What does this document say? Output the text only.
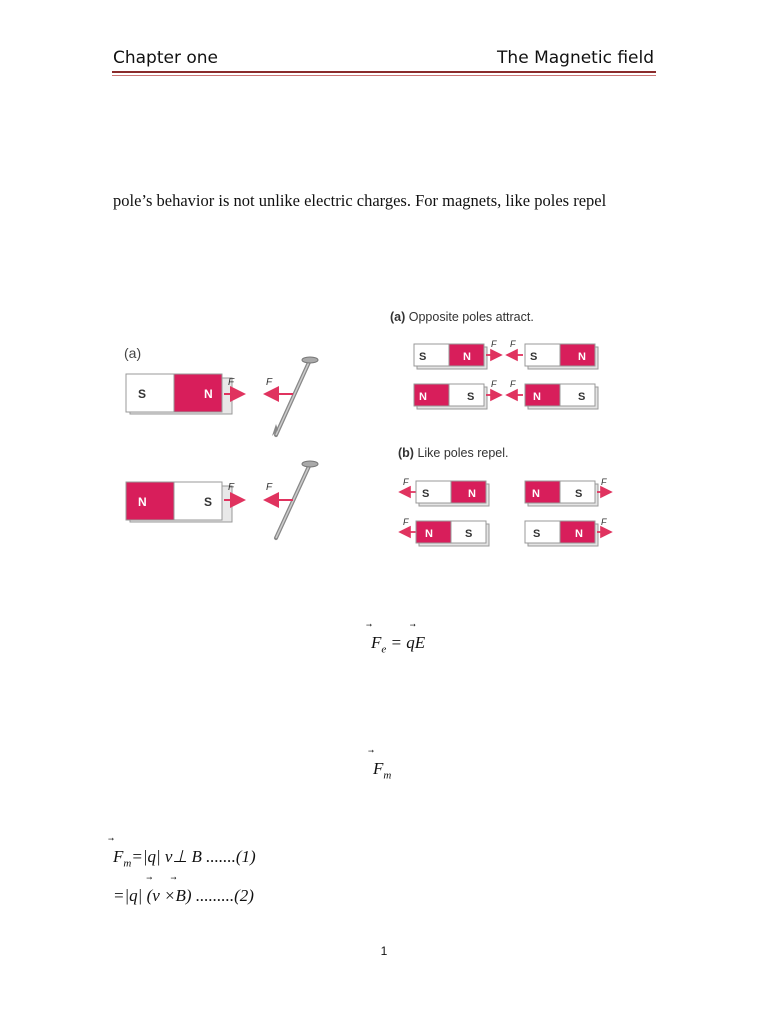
Chapter one	The Magnetic field
pole’s behavior is not unlike electric charges. For magnets, like poles repel
(a)
S	N
F	F
N	S
F	F
(a) Opposite poles attract.
(b) Like poles repel.
S	N
F F
S	N
N	S
F F
N	S
F
S	N	N	S
F
F
N	S	S	N
F
$F_e = q$
E
$F_m$
$F_m=|q|$ v⊥ B .......(1)
=|q| (
v ×
B) .........(2)
1
